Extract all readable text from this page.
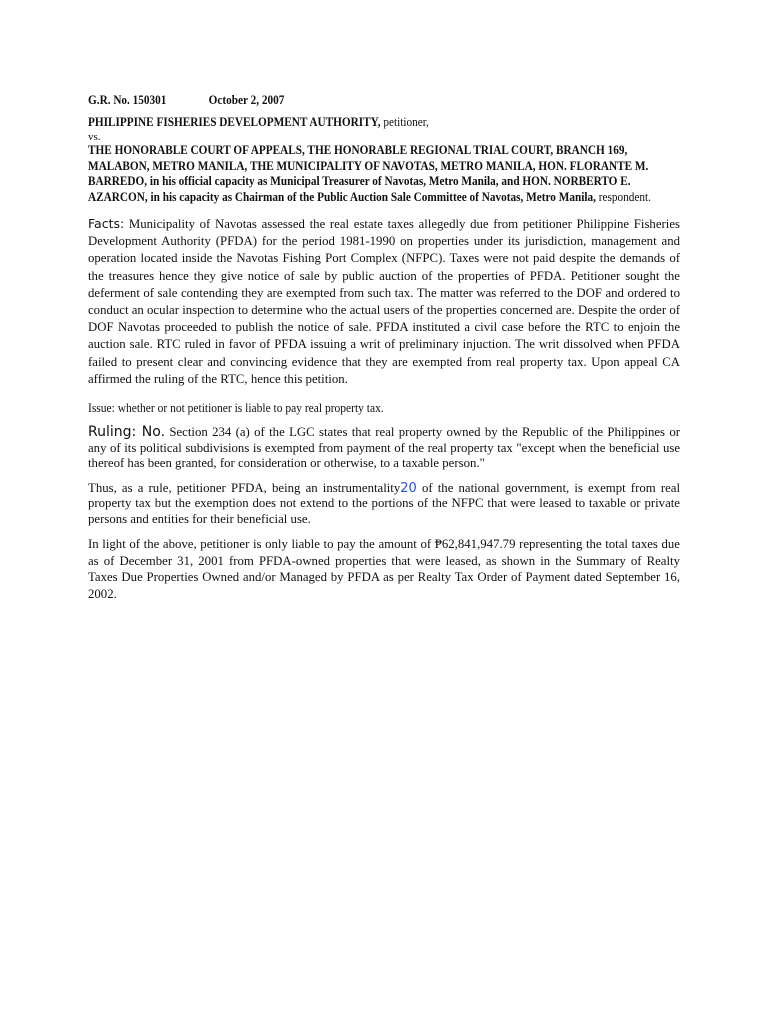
G.R. No. 150301	October 2, 2007
PHILIPPINE FISHERIES DEVELOPMENT AUTHORITY, petitioner,
vs.
THE HONORABLE COURT OF APPEALS, THE HONORABLE REGIONAL TRIAL COURT, BRANCH 169, MALABON, METRO MANILA, THE MUNICIPALITY OF NAVOTAS, METRO MANILA, HON. FLORANTE M. BARREDO, in his official capacity as Municipal Treasurer of Navotas, Metro Manila, and HON. NORBERTO E. AZARCON, in his capacity as Chairman of the Public Auction Sale Committee of Navotas, Metro Manila, respondent.
Facts: Municipality of Navotas assessed the real estate taxes allegedly due from petitioner Philippine Fisheries Development Authority (PFDA) for the period 1981-1990 on properties under its jurisdiction, management and operation located inside the Navotas Fishing Port Complex (NFPC). Taxes were not paid despite the demands of the treasures hence they give notice of sale by public auction of the properties of PFDA. Petitioner sought the deferment of sale contending they are exempted from such tax. The matter was referred to the DOF and ordered to conduct an ocular inspection to determine who the actual users of the properties concerned are. Despite the order of DOF Navotas proceeded to publish the notice of sale. PFDA instituted a civil case before the RTC to enjoin the auction sale. RTC ruled in favor of PFDA issuing a writ of preliminary injuction. The writ dissolved when PFDA failed to present clear and convincing evidence that they are exempted from real property tax. Upon appeal CA affirmed the ruling of the RTC, hence this petition.
Issue: whether or not petitioner is liable to pay real property tax.
Ruling: No. Section 234 (a) of the LGC states that real property owned by the Republic of the Philippines or any of its political subdivisions is exempted from payment of the real property tax "except when the beneficial use thereof has been granted, for consideration or otherwise, to a taxable person."
Thus, as a rule, petitioner PFDA, being an instrumentality20 of the national government, is exempt from real property tax but the exemption does not extend to the portions of the NFPC that were leased to taxable or private persons and entities for their beneficial use.
In light of the above, petitioner is only liable to pay the amount of ₱62,841,947.79 representing the total taxes due as of December 31, 2001 from PFDA-owned properties that were leased, as shown in the Summary of Realty Taxes Due Properties Owned and/or Managed by PFDA as per Realty Tax Order of Payment dated September 16, 2002.
